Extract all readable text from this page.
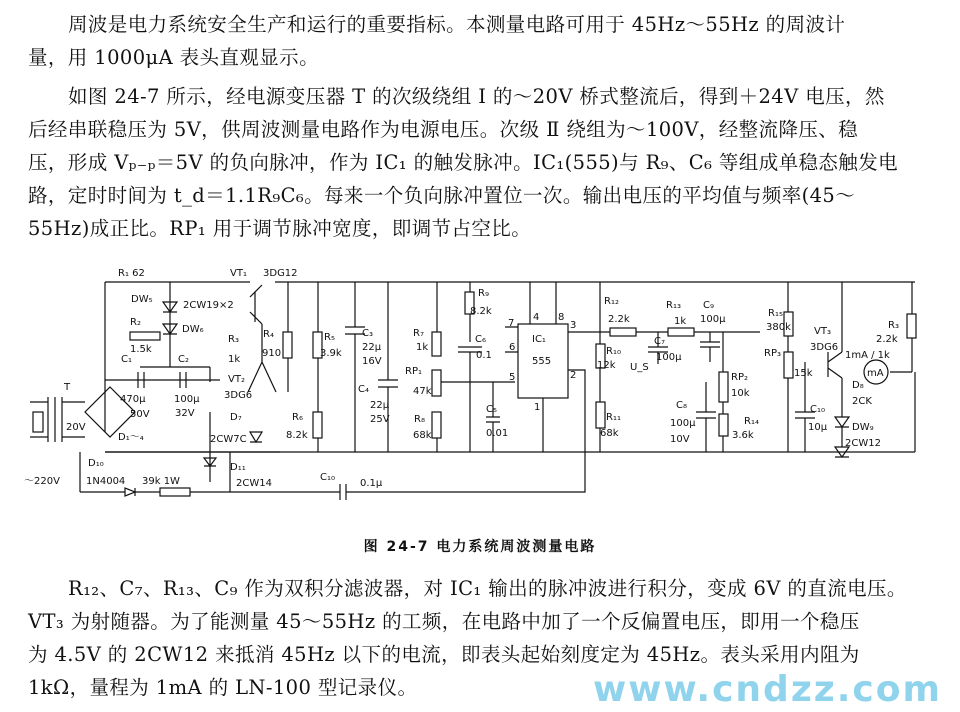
周波是电力系统安全生产和运行的重要指标。本测量电路可用于 45Hz～55Hz 的周波计
量，用 1000μA 表头直观显示。
如图 24-7 所示，经电源变压器 T 的次级绕组 Ⅰ 的～20V 桥式整流后，得到＋24V 电压，然
后经串联稳压为 5V，供周波测量电路作为电源电压。次级 Ⅱ 绕组为～100V，经整流降压、稳
压，形成 Vₚ₋ₚ＝5V 的负向脉冲，作为 IC₁ 的触发脉冲。IC₁(555)与 R₉、C₆ 等组成单稳态触发电
路，定时时间为 t_d＝1.1R₉C₆。每来一个负向脉冲置位一次。输出电压的平均值与频率(45～
55Hz)成正比。RP₁ 用于调节脉冲宽度，即调节占空比。
R₁ 62
DW₅
2CW19×2
DW₆
R₂
1.5k
C₁
470μ
50V
C₂
100μ
32V
R₃
1k
VT₁ 3DG12
VT₂
3DG6
R₄
910
D₇
2CW7C
R₅
3.9k
C₃
22μ
16V
R₆
8.2k
C₄
22μ
25V
R₇
1k
RP₁
47k
R₈
68k
R₉
8.2k
C₆
0.1
C₅
0.01
IC₁
555
4 8
7
6
5
3
2
1
R₁₀
12k
R₁₁
68k
R₁₂
2.2k
R₁₃
1k
C₇
100μ
C₉
100μ
U_S
C₈
100μ
10V
RP₂
10k
R₁₄
3.6k
R₁₅
380k
RP₃
15k
C₁₀
10μ
VT₃
3DG6
R₃
2.2k
1mA / 1k
mA
D₈
2CK
DW₉
2CW12
T
20V
～220V
D₁～₄
D₁₀
1N4004 39k 1W
D₁₁
2CW14
C₁₀
0.1μ
图 24-7 电力系统周波测量电路
R₁₂、C₇、R₁₃、C₉ 作为双积分滤波器，对 IC₁ 输出的脉冲波进行积分，变成 6V 的直流电压。
VT₃ 为射随器。为了能测量 45～55Hz 的工频，在电路中加了一个反偏置电压，即用一个稳压
为 4.5V 的 2CW12 来抵消 45Hz 以下的电流，即表头起始刻度定为 45Hz。表头采用内阻为
1kΩ，量程为 1mA 的 LN-100 型记录仪。	www.cndzz.com
